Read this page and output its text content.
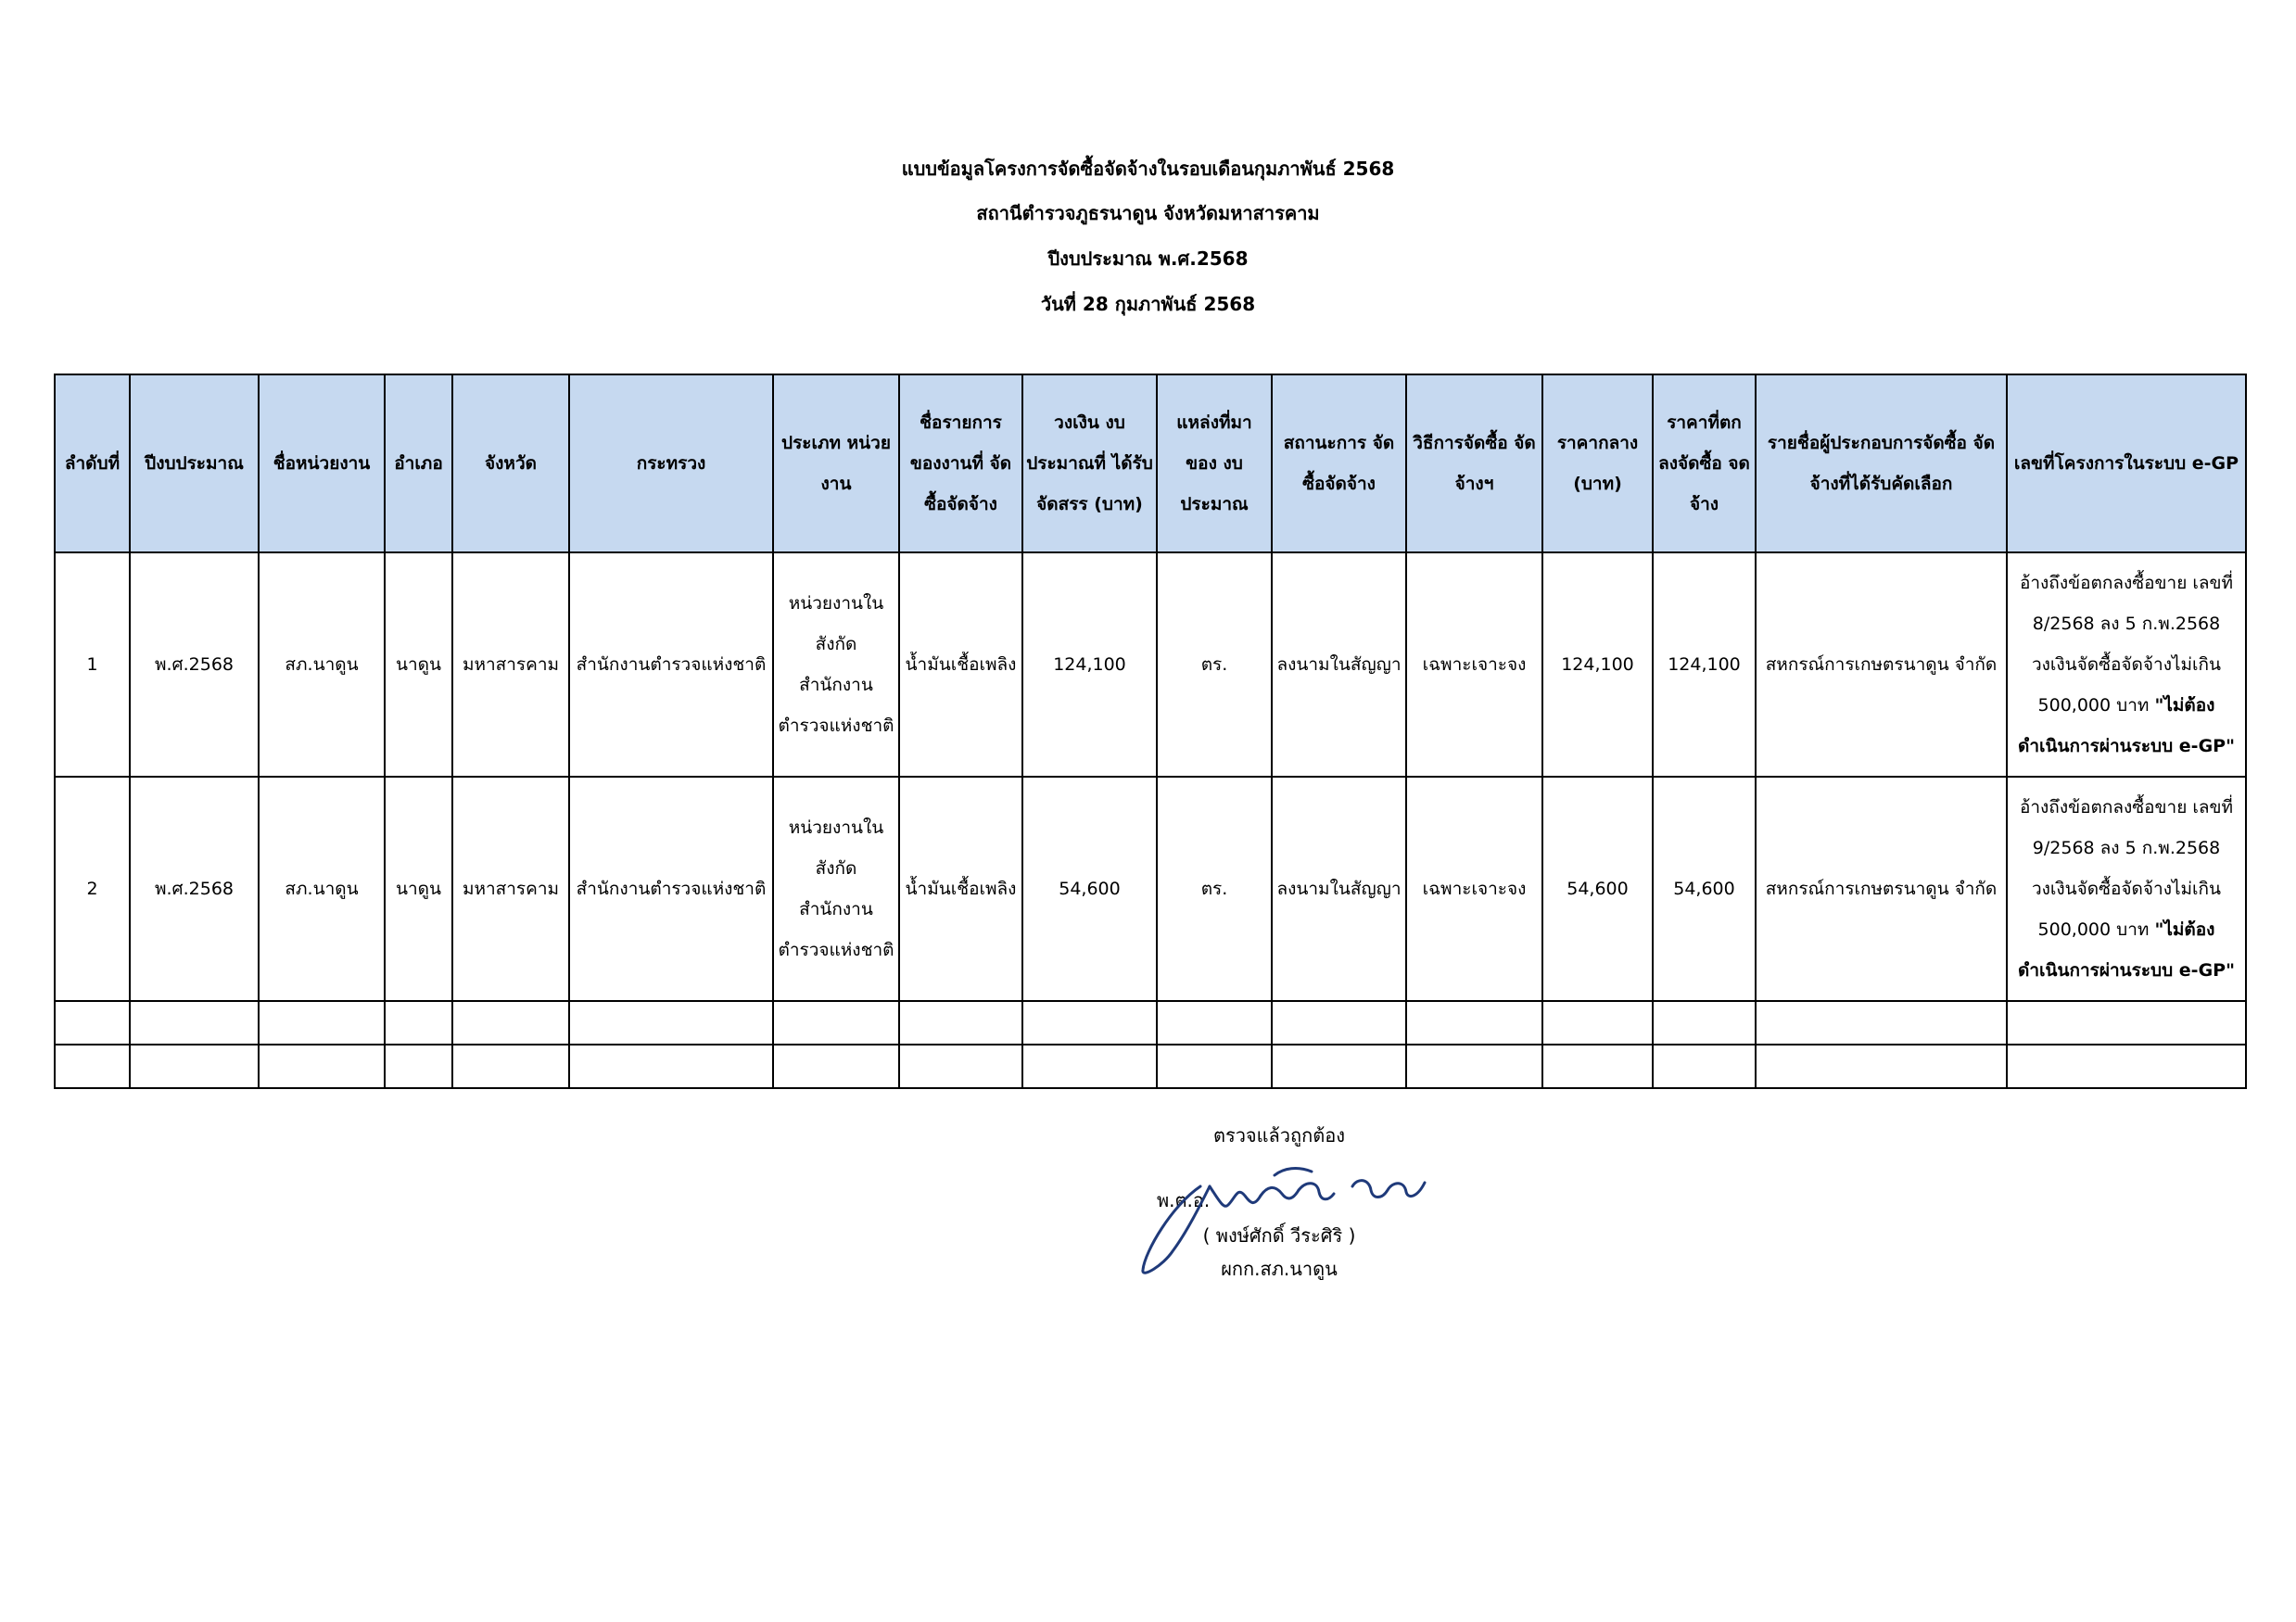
แบบข้อมูลโครงการจัดซื้อจัดจ้างในรอบเดือนกุมภาพันธ์ 2568
สถานีตำรวจภูธรนาดูน จังหวัดมหาสารคาม
ปีงบประมาณ พ.ศ.2568
วันที่ 28 กุมภาพันธ์ 2568
ลำดับที่	ปีงบประมาณ	ชื่อหน่วยงาน	อำเภอ	จังหวัด	กระทรวง	ประเภท หน่วยงาน	ชื่อรายการ ของงานที่ จัดซื้อจัดจ้าง	วงเงิน งบประมาณที่ ได้รับจัดสรร (บาท)	แหล่งที่มา ของ งบประมาณ	สถานะการ จัดซื้อจัดจ้าง	วิธีการจัดซื้อ จัดจ้างฯ	ราคากลาง (บาท)	ราคาที่ตก ลงจัดซื้อ จดจ้าง	รายชื่อผู้ประกอบการจัดซื้อ จัดจ้างที่ได้รับคัดเลือก	เลขที่โครงการในระบบ e-GP
1	พ.ศ.2568	สภ.นาดูน	นาดูน	มหาสารคาม	สำนักงานตำรวจแห่งชาติ	หน่วยงานใน สังกัด สำนักงาน ตำรวจแห่งชาติ	น้ำมันเชื้อเพลิง	124,100	ตร.	ลงนามในสัญญา	เฉพาะเจาะจง	124,100	124,100	สหกรณ์การเกษตรนาดูน จำกัด	อ้างถึงข้อตกลงซื้อขาย เลขที่ 8/2568 ลง 5 ก.พ.2568 วงเงินจัดซื้อจัดจ้างไม่เกิน 500,000 บาท "ไม่ต้อง ดำเนินการผ่านระบบ e-GP"
2	พ.ศ.2568	สภ.นาดูน	นาดูน	มหาสารคาม	สำนักงานตำรวจแห่งชาติ	หน่วยงานใน สังกัด สำนักงาน ตำรวจแห่งชาติ	น้ำมันเชื้อเพลิง	54,600	ตร.	ลงนามในสัญญา	เฉพาะเจาะจง	54,600	54,600	สหกรณ์การเกษตรนาดูน จำกัด	อ้างถึงข้อตกลงซื้อขาย เลขที่ 9/2568 ลง 5 ก.พ.2568 วงเงินจัดซื้อจัดจ้างไม่เกิน 500,000 บาท "ไม่ต้อง ดำเนินการผ่านระบบ e-GP"

ตรวจแล้วถูกต้อง
พ.ต.อ.
( พงษ์ศักดิ์ วีระศิริ )
ผกก.สภ.นาดูน
